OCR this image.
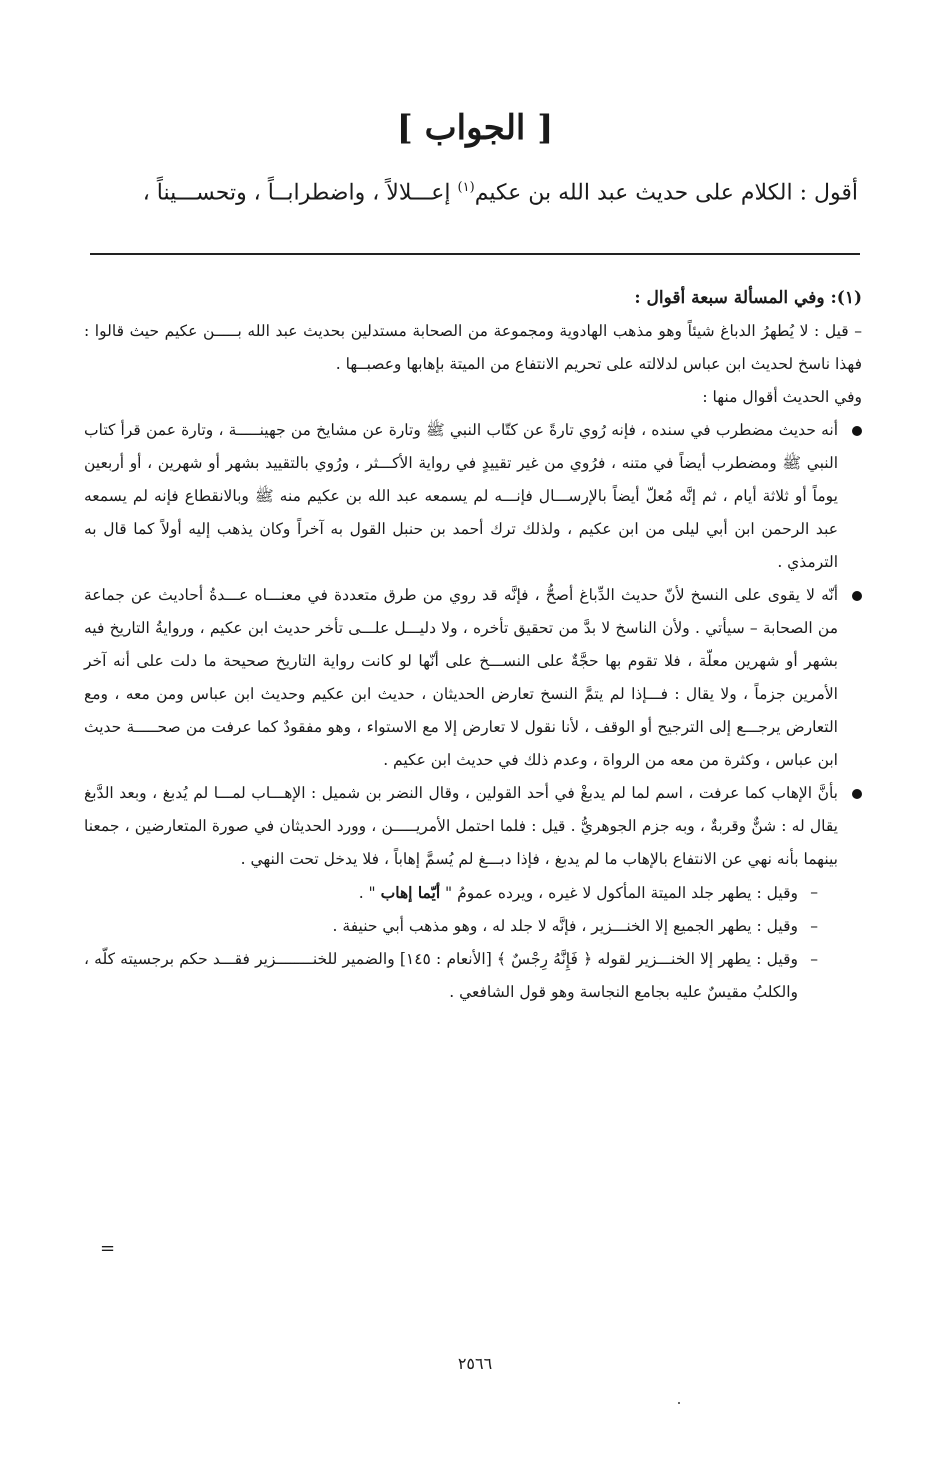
[ الجواب ]
أقول : الكلام على حديث عبد الله بن عكيم$^{(١)}$ إعـــلالاً ، واضطرابــاً ، وتحســـيناً ،

(١): وفي المسألة سبعة أقوال :

– قيل : لا يُطهرُ الدباغ شيئاً وهو مذهب الهادوية ومجموعة من الصحابة مستدلين بحديث عبد الله بـــــن عكيم حيث قالوا : فهذا ناسخ لحديث ابن عباس لدلالته على تحريم الانتفاع من الميتة بإهابها وعصبــها .

وفي الحديث أقوال منها :

أنه حديث مضطرب في سنده ، فإنه رُوي تارةً عن كتّاب النبي ﷺ وتارة عن مشايخ من جهينـــــة ، وتارة عمن قرأ كتاب النبي ﷺ ومضطرب أيضاً في متنه ، فرُوي من غير تقييدٍ في رواية الأكـــثر ، ورُوي بالتقييد بشهر أو شهرين ، أو أربعين يوماً أو ثلاثة أيام ، ثم إنَّه مُعلّ أيضاً بالإرســـال فإنـــه لم يسمعه عبد الله بن عكيم منه ﷺ وبالانقطاع فإنه لم يسمعه عبد الرحمن ابن أبي ليلى من ابن عكيم ، ولذلك ترك أحمد بن حنبل القول به آخراً وكان يذهب إليه أولاً كما قال به الترمذي .

أنّه لا يقوى على النسخ لأنّ حديث الدِّباغ أصحُّ ، فإنَّه قد روي من طرق متعددة في معنـــاه عـــدةُ أحاديث عن جماعة من الصحابة – سيأتي . ولأن الناسخ لا بدَّ من تحقيق تأخره ، ولا دليـــل علـــى تأخر حديث ابن عكيم ، وروايةُ التاريخ فيه بشهر أو شهرين معلّة ، فلا تقوم بها حجَّةٌ على النســـخ على أنّها لو كانت رواية التاريخ صحيحة ما دلت على أنه آخر الأمرين جزماً ، ولا يقال : فـــإذا لم يتمَّ النسخ تعارض الحديثان ، حديث ابن عكيم وحديث ابن عباس ومن معه ، ومع التعارض يرجـــع إلى الترجيح أو الوقف ، لأنا نقول لا تعارض إلا مع الاستواء ، وهو مفقودٌ كما عرفت من صحـــــة حديث ابن عباس ، وكثرة من معه من الرواة ، وعدم ذلك في حديث ابن عكيم .

بأنَّ الإهاب كما عرفت ، اسم لما لم يدبغْ في أحد القولين ، وقال النضر بن شميل : الإهـــاب لمـــا لم يُدبغ ، وبعد الدَّبغ يقال له : شنٌّ وقربةٌ ، وبه جزم الجوهريُّ . قيل : فلما احتمل الأمريـــــن ، وورد الحديثان في صورة المتعارضين ، جمعنا بينهما بأنه نهي عن الانتفاع بالإهاب ما لم يدبغ ، فإذا دبـــغ لم يُسمَّ إهاباً ، فلا يدخل تحت النهي .

–
وقيل : يطهر جلد الميتة المأكول لا غيره ، ويرده عمومُ " أيّما إهاب " .

–
وقيل : يطهر الجميع إلا الخنـــزير ، فإنَّه لا جلد له ، وهو مذهب أبي حنيفة .

–
وقيل : يطهر إلا الخنـــزير لقوله ﴿ فَإِنَّهُ رِجْسٌ ﴾ [الأنعام : ١٤٥] والضمير للخنــــــــزير فقـــد حكم برجسيته كلّه ، والكلبُ مقيسٌ عليه بجامع النجاسة وهو قول الشافعي .

=
٢٥٦٦
